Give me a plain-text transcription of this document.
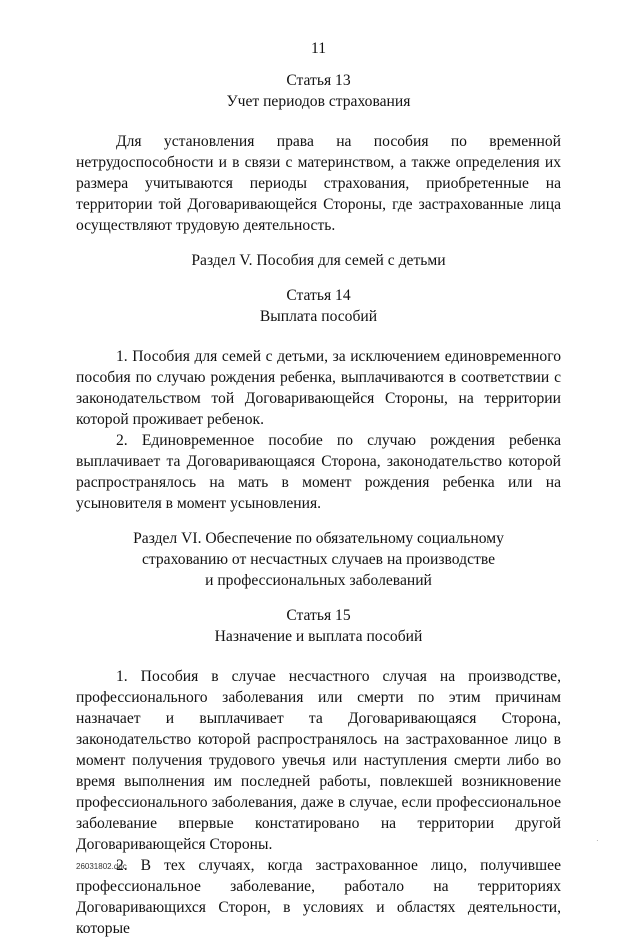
11

Статья 13

Учет периодов страхования

Для установления права на пособия по временной нетрудоспособности и в связи с материнством, а также определения их размера учитываются периоды страхования, приобретенные на территории той Договаривающейся Стороны, где застрахованные лица осуществляют трудовую деятельность.

Раздел V. Пособия для семей с детьми

Статья 14

Выплата пособий

1. Пособия для семей с детьми, за исключением единовременного пособия по случаю рождения ребенка, выплачиваются в соответствии с законодательством той Договаривающейся Стороны, на территории которой проживает ребенок.

2. Единовременное пособие по случаю рождения ребенка выплачивает та Договаривающаяся Сторона, законодательство которой распространялось на мать в момент рождения ребенка или на усыновителя в момент усыновления.

Раздел VI. Обеспечение по обязательному социальному

страхованию от несчастных случаев на производстве

и профессиональных заболеваний

Статья 15

Назначение и выплата пособий

1. Пособия в случае несчастного случая на производстве, профессионального заболевания или смерти по этим причинам назначает и выплачивает та Договаривающаяся Сторона, законодательство которой распространялось на застрахованное лицо в момент получения трудового увечья или наступления смерти либо во время выполнения им последней работы, повлекшей возникновение профессионального заболевания, даже в случае, если профессиональное заболевание впервые констатировано на территории другой Договаривающейся Стороны.

2. В тех случаях, когда застрахованное лицо, получившее профессиональное заболевание, работало на территориях Договаривающихся Сторон, в условиях и областях деятельности, которые

·
26031802.doc
